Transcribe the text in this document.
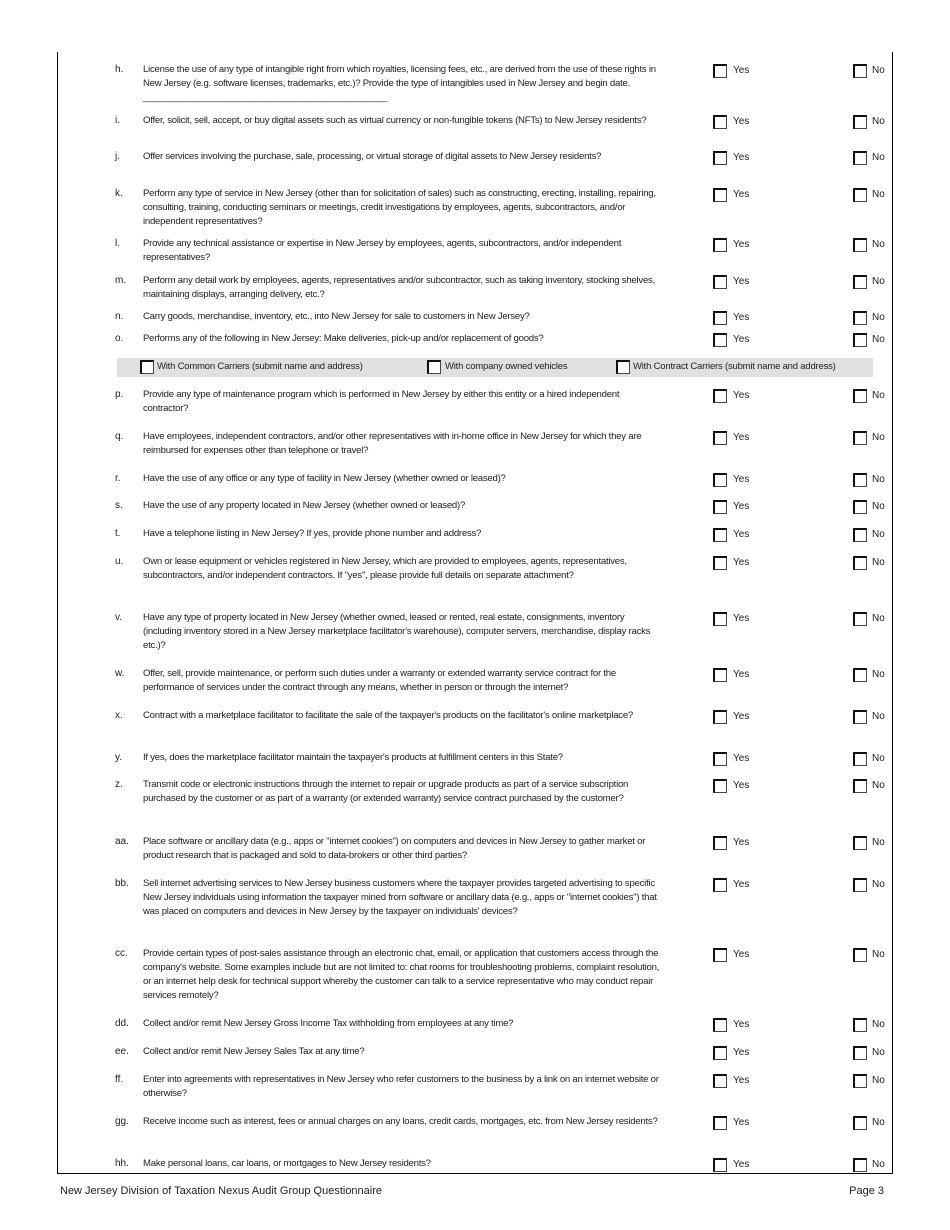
h. License the use of any type of intangible right from which royalties, licensing fees, etc., are derived from the use of these rights in New Jersey (e.g. software licenses, trademarks, etc.)? Provide the type of intangibles used in New Jersey and begin date. ________________________________________________
Yes	No
i. Offer, solicit, sell, accept, or buy digital assets such as virtual currency or non-fungible tokens (NFTs) to New Jersey residents?	Yes	No
j. Offer services involving the purchase, sale, processing, or virtual storage of digital assets to New Jersey residents?	Yes	No
k. Perform any type of service in New Jersey (other than for solicitation of sales) such as constructing, erecting, installing, repairing, consulting, training, conducting seminars or meetings, credit investigations by employees, agents, subcontractors, and/or independent representatives?
Yes	No
l. Provide any technical assistance or expertise in New Jersey by employees, agents, subcontractors, and/or independent representatives?
Yes	No
m. Perform any detail work by employees, agents, representatives and/or subcontractor, such as taking inventory, stocking shelves, maintaining displays, arranging delivery, etc.?
Yes	No
n. Carry goods, merchandise, inventory, etc., into New Jersey for sale to customers in New Jersey?	Yes	No
o. Performs any of the following in New Jersey: Make deliveries, pick-up and/or replacement of goods?	Yes	No
p. Provide any type of maintenance program which is performed in New Jersey by either this entity or a hired independent contractor?
Yes	No
q. Have employees, independent contractors, and/or other representatives with in-home office in New Jersey for which they are reimbursed for expenses other than telephone or travel?
Yes	No
r. Have the use of any office or any type of facility in New Jersey (whether owned or leased)?	Yes	No
s. Have the use of any property located in New Jersey (whether owned or leased)?	Yes	No
t. Have a telephone listing in New Jersey? If yes, provide phone number and address?	Yes	No
u. Own or lease equipment or vehicles registered in New Jersey, which are provided to employees, agents, representatives, subcontractors, and/or independent contractors. If "yes", please provide full details on separate attachment?
Yes	No
v. Have any type of property located in New Jersey (whether owned, leased or rented, real estate, consignments, inventory (including inventory stored in a New Jersey marketplace facilitator's warehouse), computer servers, merchandise, display racks etc.)?
Yes	No
w. Offer, sell, provide maintenance, or perform such duties under a warranty or extended warranty service contract for the performance of services under the contract through any means, whether in person or through the internet?
Yes	No
x. Contract with a marketplace facilitator to facilitate the sale of the taxpayer's products on the facilitator's online marketplace?	Yes	No
y. If yes, does the marketplace facilitator maintain the taxpayer's products at fulfillment centers in this State?	Yes	No
z. Transmit code or electronic instructions through the internet to repair or upgrade products as part of a service subscription purchased by the customer or as part of a warranty (or extended warranty) service contract purchased by the customer?
Yes	No
aa. Place software or ancillary data (e.g., apps or "internet cookies") on computers and devices in New Jersey to gather market or product research that is packaged and sold to data-brokers or other third parties?
Yes	No
bb. Sell internet advertising services to New Jersey business customers where the taxpayer provides targeted advertising to specific New Jersey individuals using information the taxpayer mined from software or ancillary data (e.g., apps or "internet cookies") that was placed on computers and devices in New Jersey by the taxpayer on individuals' devices?
Yes	No
cc. Provide certain types of post-sales assistance through an electronic chat, email, or application that customers access through the company's website. Some examples include but are not limited to: chat rooms for troubleshooting problems, complaint resolution, or an internet help desk for technical support whereby the customer can talk to a service representative who may conduct repair services remotely?
Yes	No
dd. Collect and/or remit New Jersey Gross Income Tax withholding from employees at any time?	Yes	No
ee. Collect and/or remit New Jersey Sales Tax at any time?	Yes	No
ff. Enter into agreements with representatives in New Jersey who refer customers to the business by a link on an internet website or otherwise?
Yes	No
gg. Receive income such as interest, fees or annual charges on any loans, credit cards, mortgages, etc. from New Jersey residents?	Yes	No
hh. Make personal loans, car loans, or mortgages to New Jersey residents?	Yes	No
With Common Carriers (submit name and address)	With company owned vehicles	With Contract Carriers (submit name and address)
New Jersey Division of Taxation Nexus Audit Group Questionnaire	Page 3
